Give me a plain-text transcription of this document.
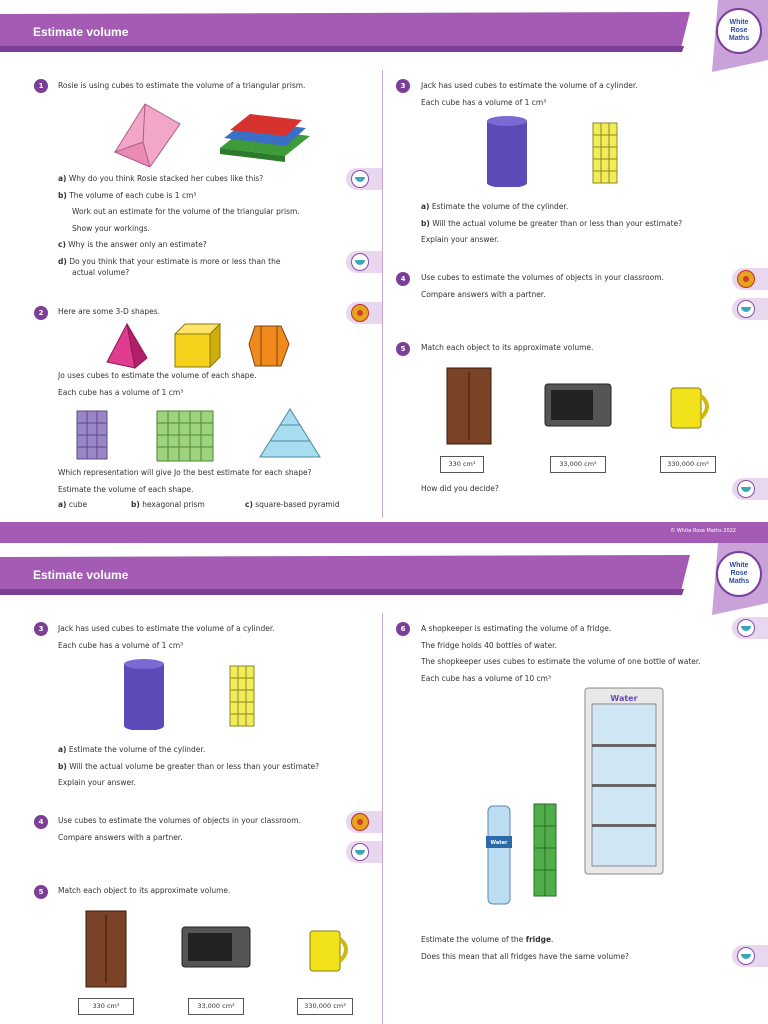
Estimate volume
White
Rose
Maths
1	Rosie is using cubes to estimate the volume of a triangular prism.
a) Why do you think Rosie stacked her cubes like this?
b) The volume of each cube is 1 cm³
Work out an estimate for the volume of the triangular prism.
Show your workings.
c) Why is the answer only an estimate?
d) Do you think that your estimate is more or less than the
actual volume?
2	Here are some 3-D shapes.
Jo uses cubes to estimate the volume of each shape.
Each cube has a volume of 1 cm³
Which representation will give Jo the best estimate for each shape?
Estimate the volume of each shape.
a) cube	b) hexagonal prism	c) square-based pyramid
3	Jack has used cubes to estimate the volume of a cylinder.
Each cube has a volume of 1 cm³
a) Estimate the volume of the cylinder.
b) Will the actual volume be greater than or less than your estimate?
Explain your answer.
4	Use cubes to estimate the volumes of objects in your classroom.
Compare answers with a partner.
5	Match each object to its approximate volume.
330 cm³	33,000 cm³	330,000 cm³
How did you decide?
© White Rose Maths 2022
Estimate volume
White
Rose
Maths
3	Jack has used cubes to estimate the volume of a cylinder.
Each cube has a volume of 1 cm³
a) Estimate the volume of the cylinder.
b) Will the actual volume be greater than or less than your estimate?
Explain your answer.
4	Use cubes to estimate the volumes of objects in your classroom.
Compare answers with a partner.
5	Match each object to its approximate volume.
330 cm³	33,000 cm³	330,000 cm³
6	A shopkeeper is estimating the volume of a fridge.
The fridge holds 40 bottles of water.
The shopkeeper uses cubes to estimate the volume of one bottle of water.
Each cube has a volume of 10 cm³
Water
Water
Estimate the volume of the fridge.
Does this mean that all fridges have the same volume?
